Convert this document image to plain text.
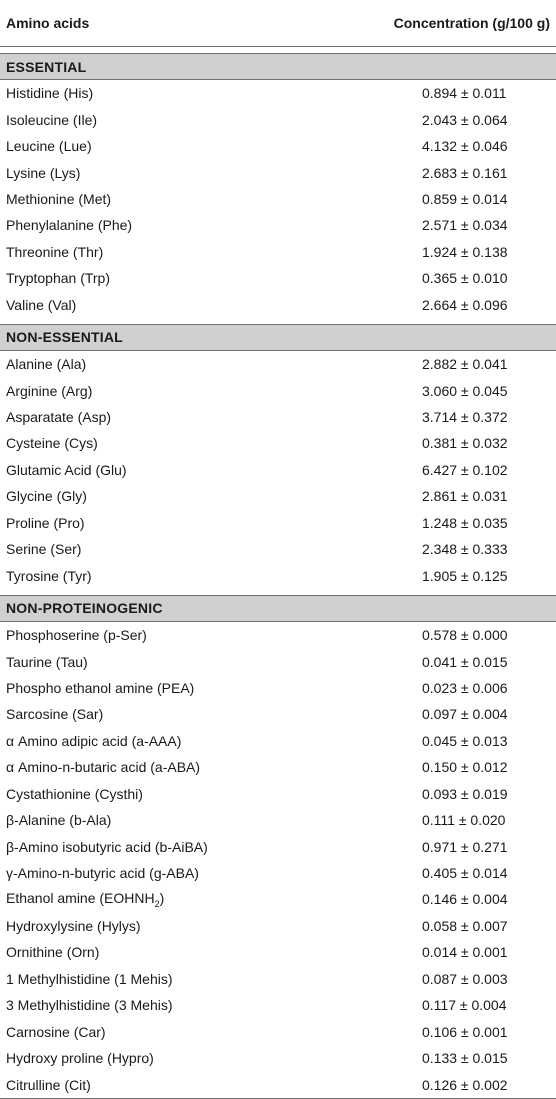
Amino acids	Concentration (g/100 g)

ESSENTIAL	
Histidine (His)	0.894 ± 0.011
Isoleucine (Ile)	2.043 ± 0.064
Leucine (Lue)	4.132 ± 0.046
Lysine (Lys)	2.683 ± 0.161
Methionine (Met)	0.859 ± 0.014
Phenylalanine (Phe)	2.571 ± 0.034
Threonine (Thr)	1.924 ± 0.138
Tryptophan (Trp)	0.365 ± 0.010
Valine (Val)	2.664 ± 0.096

NON-ESSENTIAL	
Alanine (Ala)	2.882 ± 0.041
Arginine (Arg)	3.060 ± 0.045
Asparatate (Asp)	3.714 ± 0.372
Cysteine (Cys)	0.381 ± 0.032
Glutamic Acid (Glu)	6.427 ± 0.102
Glycine (Gly)	2.861 ± 0.031
Proline (Pro)	1.248 ± 0.035
Serine (Ser)	2.348 ± 0.333
Tyrosine (Tyr)	1.905 ± 0.125

NON-PROTEINOGENIC	
Phosphoserine (p-Ser)	0.578 ± 0.000
Taurine (Tau)	0.041 ± 0.015
Phospho ethanol amine (PEA)	0.023 ± 0.006
Sarcosine (Sar)	0.097 ± 0.004
α Amino adipic acid (a-AAA)	0.045 ± 0.013
α Amino-n-butaric acid (a-ABA)	0.150 ± 0.012
Cystathionine (Cysthi)	0.093 ± 0.019
β-Alanine (b-Ala)	0.111 ± 0.020
β-Amino isobutyric acid (b-AiBA)	0.971 ± 0.271
γ-Amino-n-butyric acid (g-ABA)	0.405 ± 0.014
Ethanol amine $(EOHNH_2)$	0.146 ± 0.004
Hydroxylysine (Hylys)	0.058 ± 0.007
Ornithine (Orn)	0.014 ± 0.001
1 Methylhistidine (1 Mehis)	0.087 ± 0.003
3 Methylhistidine (3 Mehis)	0.117 ± 0.004
Carnosine (Car)	0.106 ± 0.001
Hydroxy proline (Hypro)	0.133 ± 0.015
Citrulline (Cit)	0.126 ± 0.002
